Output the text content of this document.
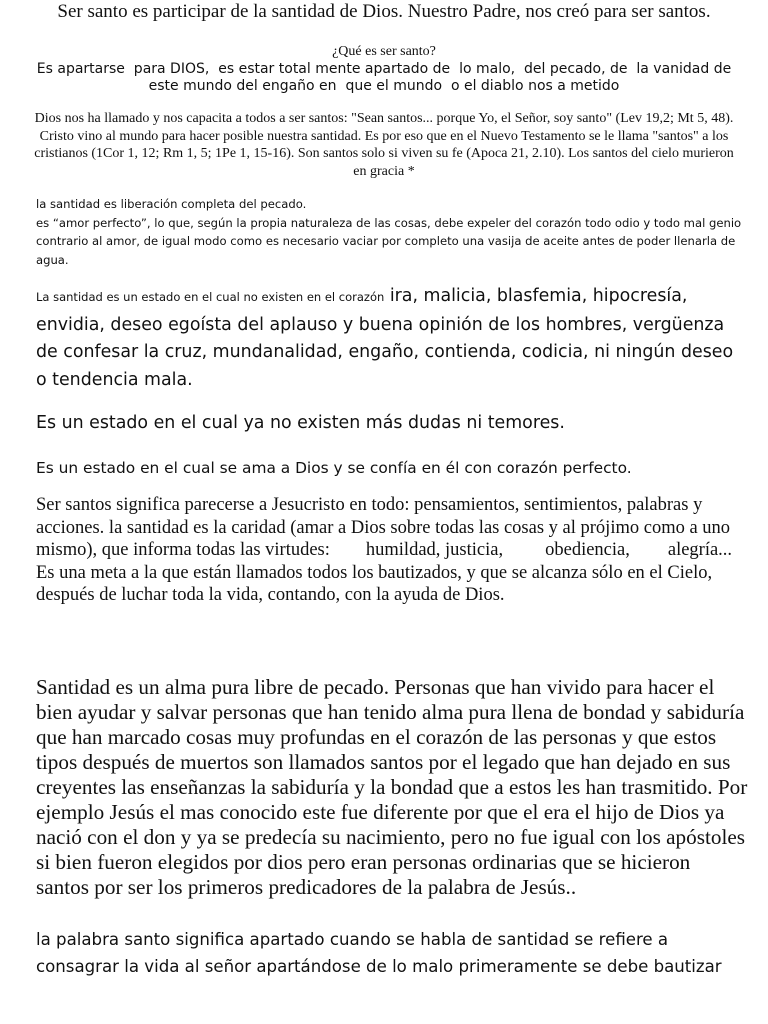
Ser santo es participar de la santidad de Dios. Nuestro Padre, nos creó para ser santos.

¿Qué es ser santo?

Es apartarse  para DIOS,  es estar total mente apartado de  lo malo,  del pecado, de  la vanidad de este mundo del engaño en  que el mundo  o el diablo nos a metido

Dios nos ha llamado y nos capacita a todos a ser santos: "Sean santos... porque Yo, el Señor, soy santo" (Lev 19,2; Mt 5, 48). Cristo vino al mundo para hacer posible nuestra santidad. Es por eso que en el Nuevo Testamento se le llama "santos" a los cristianos (1Cor 1, 12; Rm 1, 5; 1Pe 1, 15-16). Son santos solo si viven su fe (Apoca 21, 2.10). Los santos del cielo murieron en gracia *

la santidad es liberación completa del pecado.
es “amor perfecto”, lo que, según la propia naturaleza de las cosas, debe expeler del corazón todo odio y todo mal genio contrario al amor, de igual modo como es necesario vaciar por completo una vasija de aceite antes de poder llenarla de agua.

La santidad es un estado en el cual no existen en el corazón ira, malicia, blasfemia, hipocresía, envidia, deseo egoísta del aplauso y buena opinión de los hombres, vergüenza de confesar la cruz, mundanalidad, engaño, contienda, codicia, ni ningún deseo o tendencia mala.

Es un estado en el cual ya no existen más dudas ni temores.

Es un estado en el cual se ama a Dios y se confía en él con corazón perfecto.

Ser santos significa parecerse a Jesucristo en todo: pensamientos, sentimientos, palabras y acciones. la santidad es la caridad (amar a Dios sobre todas las cosas y al prójimo como a uno mismo), que informa todas las virtudes: humildad, justicia, obediencia, alegría... Es una meta a la que están llamados todos los bautizados, y que se alcanza sólo en el Cielo, después de luchar toda la vida, contando, con la ayuda de Dios.

Santidad es un alma pura libre de pecado. Personas que han vivido para hacer el bien ayudar y salvar personas que han tenido alma pura llena de bondad y sabiduría que han marcado cosas muy profundas en el corazón de las personas y que estos tipos después de muertos son llamados santos por el legado que han dejado en sus creyentes las enseñanzas la sabiduría y la bondad que a estos les han trasmitido. Por ejemplo Jesús el mas conocido este fue diferente por que el era el hijo de Dios ya nació con el don y ya se predecía su nacimiento, pero no fue igual con los apóstoles si bien fueron elegidos por dios pero eran personas ordinarias que se hicieron santos por ser los primeros predicadores de la palabra de Jesús..

la palabra santo significa apartado cuando se habla de santidad se refiere a consagrar la vida al señor apartándose de lo malo primeramente se debe bautizar
